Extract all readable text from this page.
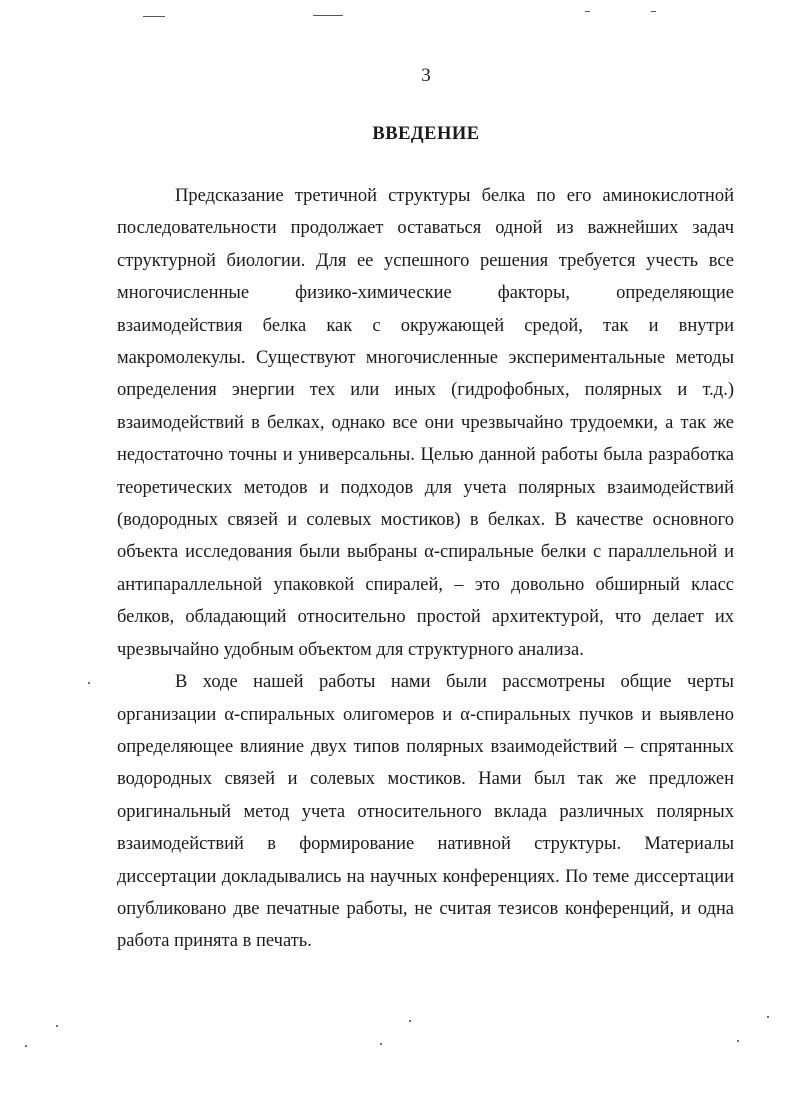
3
ВВЕДЕНИЕ

Предсказание третичной структуры белка по его аминокислотной последовательности продолжает оставаться одной из важнейших задач структурной биологии. Для ее успешного решения требуется учесть все многочисленные физико-химические факторы, определяющие взаимодействия белка как с окружающей средой, так и внутри макромолекулы. Существуют многочисленные экспериментальные методы определения энергии тех или иных (гидрофобных, полярных и т.д.) взаимодействий в белках, однако все они чрезвычайно трудоемки, а так же недостаточно точны и универсальны. Целью данной работы была разработка теоретических методов и подходов для учета полярных взаимодействий (водородных связей и солевых мостиков) в белках. В качестве основного объекта исследования были выбраны α-спиральные белки с параллельной и антипараллельной упаковкой спиралей, – это довольно обширный класс белков, обладающий относительно простой архитектурой, что делает их чрезвычайно удобным объектом для структурного анализа.

В ходе нашей работы нами были рассмотрены общие черты организации α-спиральных олигомеров и α-спиральных пучков и выявлено определяющее влияние двух типов полярных взаимодействий – спрятанных водородных связей и солевых мостиков. Нами был так же предложен оригинальный метод учета относительного вклада различных полярных взаимодействий в формирование нативной структуры. Материалы диссертации докладывались на научных конференциях. По теме диссертации опубликовано две печатные работы, не считая тезисов конференций, и одна работа принята в печать.
